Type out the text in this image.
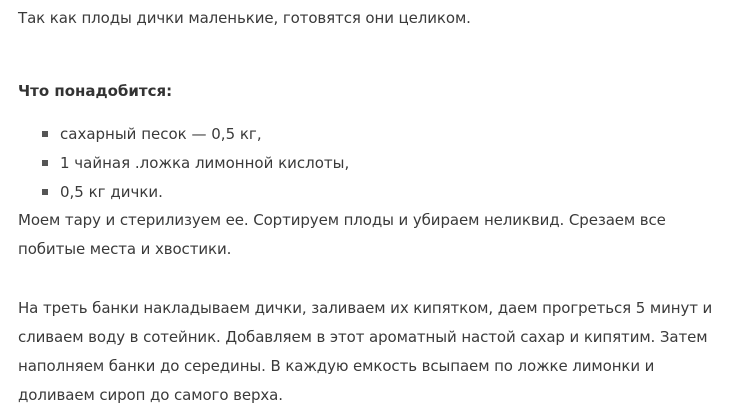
Так как плоды дички маленькие, готовятся они целиком.

Что понадобится:

сахарный песок — 0,5 кг,
1 чайная .ложка лимонной кислоты,
0,5 кг дички.

Моем тару и стерилизуем ее. Сортируем плоды и убираем неликвид. Срезаем все побитые места и хвостики.

На треть банки накладываем дички, заливаем их кипятком, даем прогреться 5 минут и сливаем воду в сотейник. Добавляем в этот ароматный настой сахар и кипятим. Затем наполняем банки до середины. В каждую емкость всыпаем по ложке лимонки и доливаем сироп до самого верха.
